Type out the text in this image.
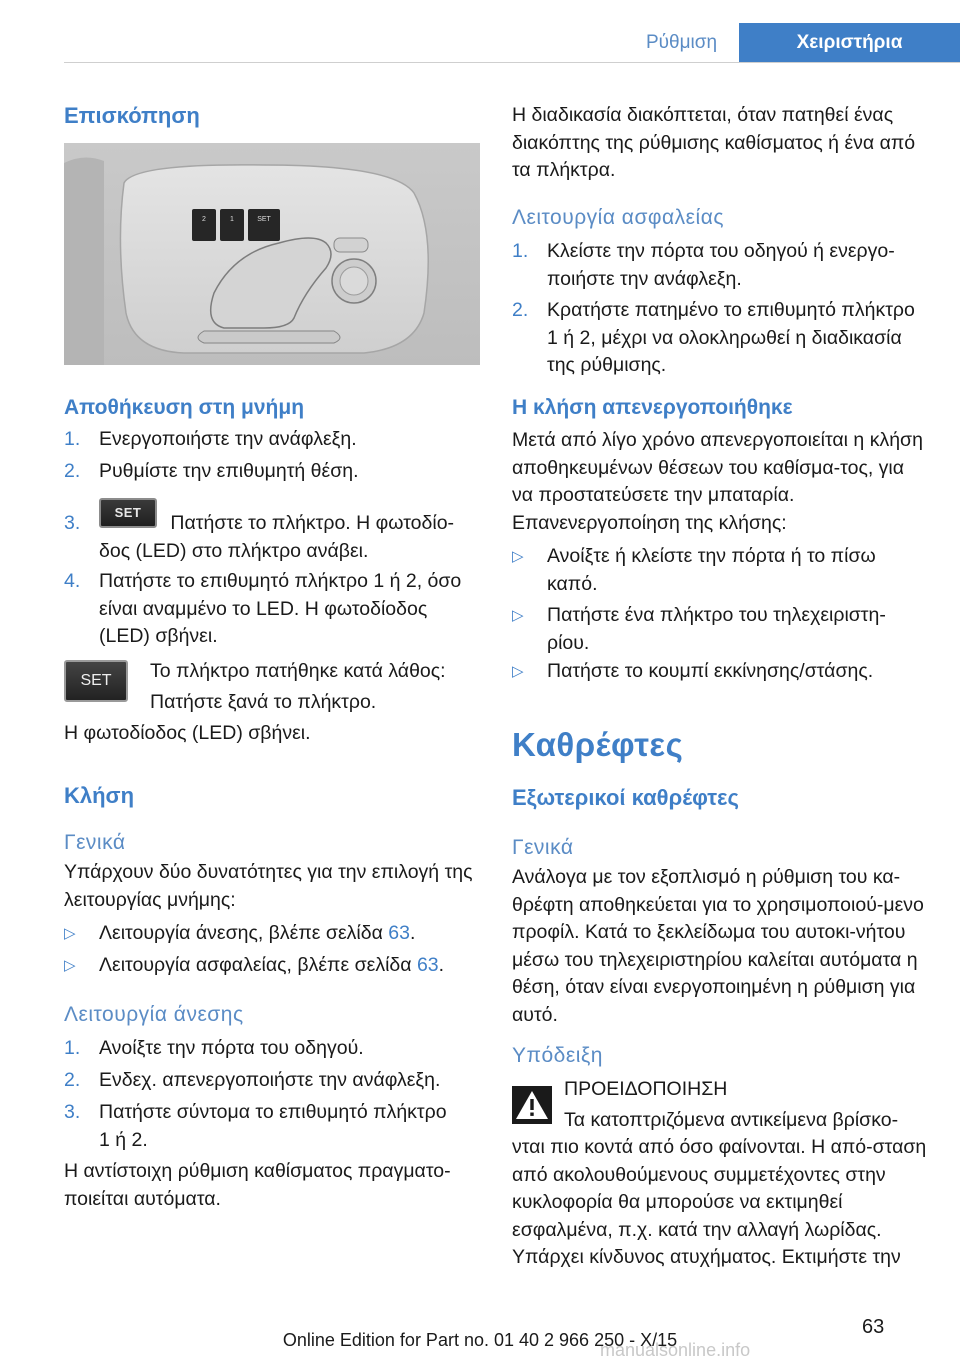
Ρύθμιση	Χειριστήρια
Επισκόπηση
2	1	SET
Αποθήκευση στη μνήμη
1. Ενεργοποιήστε την ανάφλεξη.
2. Ρυθμίστε την επιθυμητή θέση.
3.	SET Πατήστε το πλήκτρο. Η φωτοδίο‐
δος (LED) στο πλήκτρο ανάβει.
4. Πατήστε το επιθυμητό πλήκτρο 1 ή 2, όσο είναι αναμμένο το LED. Η φωτοδίοδος (LED) σβήνει.
SET	Το πλήκτρο πατήθηκε κατά λάθος:
Πατήστε ξανά το πλήκτρο.
Η φωτοδίοδος (LED) σβήνει.
Κλήση
Γενικά
Υπάρχουν δύο δυνατότητες για την επιλογή της λειτουργίας μνήμης:
▷ Λειτουργία άνεσης, βλέπε σελίδα 63.
▷ Λειτουργία ασφαλείας, βλέπε σελίδα 63.
Λειτουργία άνεσης
1. Ανοίξτε την πόρτα του οδηγού.
2. Ενδεχ. απενεργοποιήστε την ανάφλεξη.
3. Πατήστε σύντομα το επιθυμητό πλήκτρο 1 ή 2.
Η αντίστοιχη ρύθμιση καθίσματος πραγματο‐ποιείται αυτόματα.
Η διαδικασία διακόπτεται, όταν πατηθεί ένας διακόπτης της ρύθμισης καθίσματος ή ένα από τα πλήκτρα.
Λειτουργία ασφαλείας
1. Κλείστε την πόρτα του οδηγού ή ενεργο‐ποιήστε την ανάφλεξη.
2. Κρατήστε πατημένο το επιθυμητό πλήκτρο 1 ή 2, μέχρι να ολοκληρωθεί η διαδικασία της ρύθμισης.
Η κλήση απενεργοποιήθηκε
Μετά από λίγο χρόνο απενεργοποιείται η κλήση αποθηκευμένων θέσεων του καθίσμα‐τος, για να προστατεύσετε την μπαταρία.
Επανενεργοποίηση της κλήσης:
▷ Ανοίξτε ή κλείστε την πόρτα ή το πίσω καπό.
▷ Πατήστε ένα πλήκτρο του τηλεχειριστη‐ρίου.
▷ Πατήστε το κουμπί εκκίνησης/στάσης.
Καθρέφτες
Εξωτερικοί καθρέφτες
Γενικά
Ανάλογα με τον εξοπλισμό η ρύθμιση του κα‐θρέφτη αποθηκεύεται για το χρησιμοποιού‐μενο προφίλ. Κατά το ξεκλείδωμα του αυτοκι‐νήτου μέσω του τηλεχειριστηρίου καλείται αυτόματα η θέση, όταν είναι ενεργοποιημένη η ρύθμιση για αυτό.
Υπόδειξη
ΠΡΟΕΙΔΟΠΟΙΗΣΗ
Τα κατοπτριζόμενα αντικείμενα βρίσκο‐
νται πιο κοντά από όσο φαίνονται. Η από‐σταση από ακολουθούμενους συμμετέχοντες στην κυκλοφορία θα μπορούσε να εκτιμηθεί εσφαλμένα, π.χ. κατά την αλλαγή λωρίδας. Υπάρχει κίνδυνος ατυχήματος. Εκτιμήστε την
63
Online Edition for Part no. 01 40 2 966 250 - X/15
manualsonline.info
